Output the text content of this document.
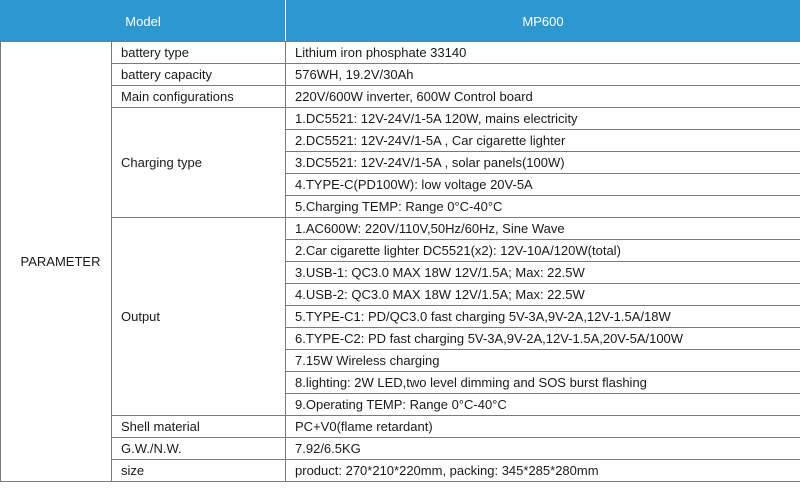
Model		MP600
PARAMETER	battery type	Lithium iron phosphate 33140
	battery capacity	576WH, 19.2V/30Ah
	Main configurations	220V/600W inverter, 600W Control board
	Charging type	1.DC5521: 12V-24V/1-5A 120W, mains electricity
		2.DC5521: 12V-24V/1-5A , Car cigarette lighter
		3.DC5521: 12V-24V/1-5A , solar panels(100W)
		4.TYPE-C(PD100W): low voltage 20V-5A
		5.Charging TEMP: Range 0°C-40°C
	Output	1.AC600W: 220V/110V,50Hz/60Hz, Sine Wave
		2.Car cigarette lighter DC5521(x2): 12V-10A/120W(total)
		3.USB-1: QC3.0 MAX 18W 12V/1.5A; Max: 22.5W
		4.USB-2: QC3.0 MAX 18W 12V/1.5A; Max: 22.5W
		5.TYPE-C1: PD/QC3.0 fast charging 5V-3A,9V-2A,12V-1.5A/18W
		6.TYPE-C2: PD fast charging 5V-3A,9V-2A,12V-1.5A,20V-5A/100W
		7.15W Wireless charging
		8.lighting: 2W LED,two level dimming and SOS burst flashing
		9.Operating TEMP: Range 0°C-40°C
	Shell material	PC+V0(flame retardant)
	G.W./N.W.	7.92/6.5KG
	size	product: 270*210*220mm, packing: 345*285*280mm
